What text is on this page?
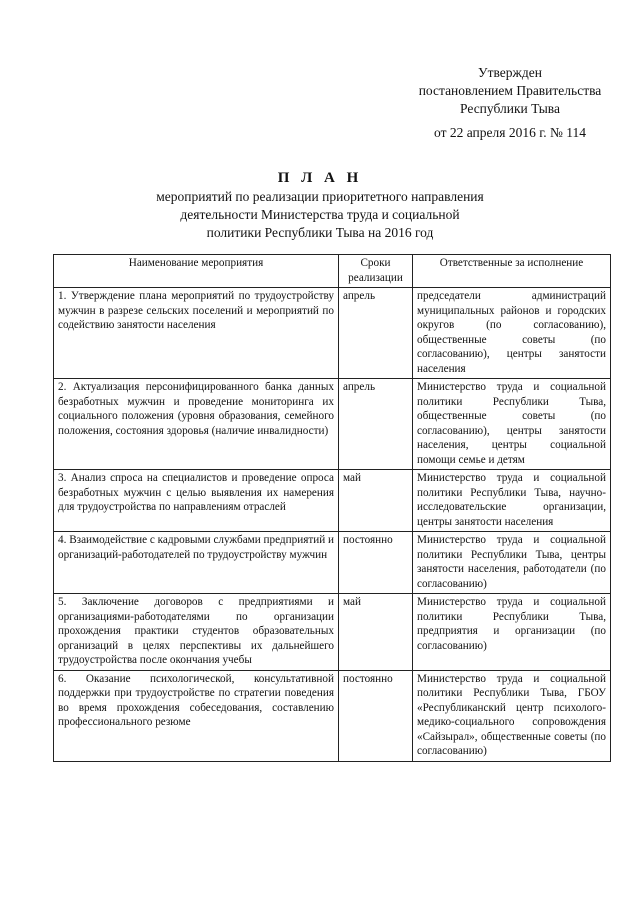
Утвержден
постановлением Правительства
Республики Тыва
от 22 апреля 2016 г. № 114
П Л А Н
мероприятий по реализации приоритетного направления
деятельности Министерства труда и социальной
политики Республики Тыва на 2016 год
Наименование мероприятия	Сроки реализации	Ответственные за исполнение
1. Утверждение плана мероприятий по трудоустройству мужчин в разрезе сельских поселений и мероприятий по содействию занятости населения	апрель	председатели администраций муниципальных районов и городских округов (по согласованию), общественные советы (по согласованию), центры занятости населения
2. Актуализация персонифицированного банка данных безработных мужчин и проведение мониторинга их социального положения (уровня образования, семейного положения, состояния здоровья (наличие инвалидности)	апрель	Министерство труда и социальной политики Республики Тыва, общественные советы (по согласованию), центры занятости населения, центры социальной помощи семье и детям
3. Анализ спроса на специалистов и проведение опроса безработных мужчин с целью выявления их намерения для трудоустройства по направлениям отраслей	май	Министерство труда и социальной политики Республики Тыва, научно-исследовательские организации, центры занятости населения
4. Взаимодействие с кадровыми службами предприятий и организаций-работодателей по трудоустройству мужчин	постоянно	Министерство труда и социальной политики Республики Тыва, центры занятости населения, работодатели (по согласованию)
5. Заключение договоров с предприятиями и организациями-работодателями по организации прохождения практики студентов образовательных организаций в целях перспективы их дальнейшего трудоустройства после окончания учебы	май	Министерство труда и социальной политики Республики Тыва, предприятия и организации (по согласованию)
6. Оказание психологической, консультативной поддержки при трудоустройстве по стратегии поведения во время прохождения собеседования, составлению профессионального резюме	постоянно	Министерство труда и социальной политики Республики Тыва, ГБОУ «Республиканский центр психолого-медико-социального сопровождения «Сайзырал», общественные советы (по согласованию)
